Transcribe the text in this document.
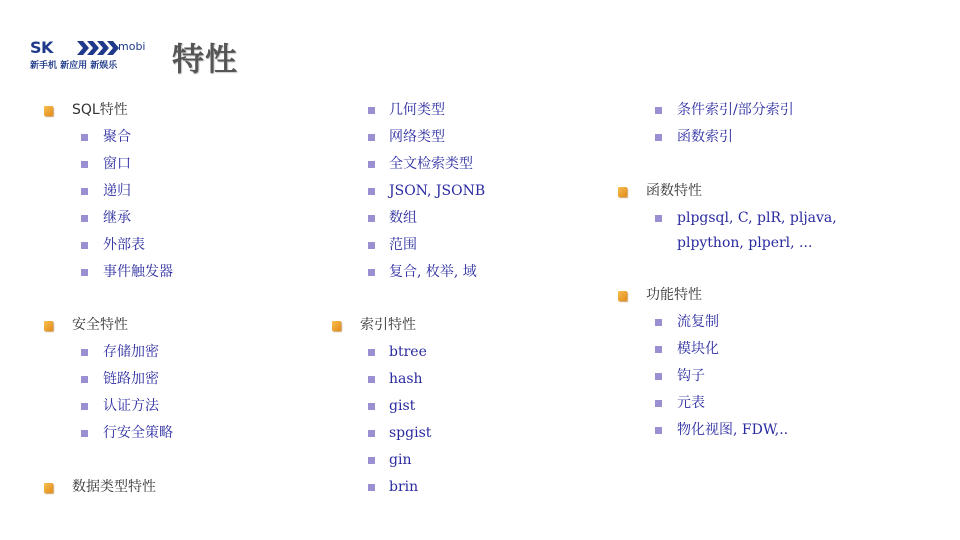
SK	mobi
新手机 新应用 新娱乐 特性
SQL特性
聚合
窗口
递归
继承
外部表
事件触发器
安全特性
存储加密
链路加密
认证方法
行安全策略
数据类型特性
几何类型
网络类型
全文检索类型
JSON, JSONB
数组
范围
复合, 枚举, 域
索引特性
btree
hash
gist
spgist
gin
brin
条件索引/部分索引
函数索引
函数特性
plpgsql, C, plR, pljava, plpython, plperl, ...
功能特性
流复制
模块化
钩子
元表
物化视图, FDW,..
